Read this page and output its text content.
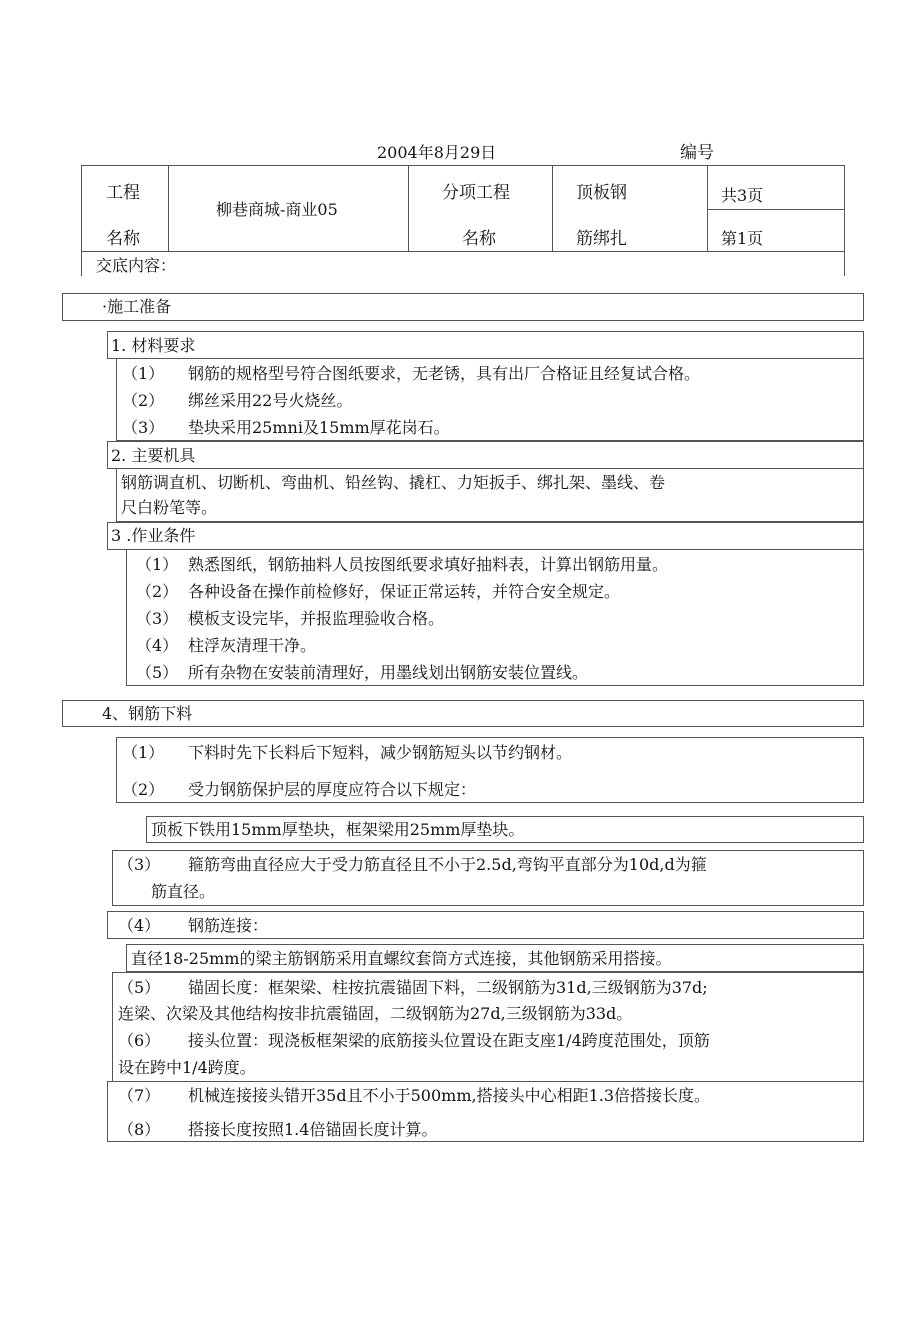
2004年8月29日	编号
工程
名称
柳巷商城-商业05
分项工程
名称
顶板钢
筋绑扎
共3页
第1页
交底内容：
·施工准备
1. 材料要求
（1） 钢筋的规格型号符合图纸要求，无老锈，具有出厂合格证且经复试合格。
（2） 绑丝采用22号火烧丝。
（3） 垫块采用25mni及15mm厚花岗石。
2. 主要机具
钢筋调直机、切断机、弯曲机、铅丝钩、撬杠、力矩扳手、绑扎架、墨线、卷
尺白粉笔等。
3 .作业条件
（1） 熟悉图纸，钢筋抽料人员按图纸要求填好抽料表，计算出钢筋用量。
（2） 各种设备在操作前检修好，保证正常运转，并符合安全规定。
（3） 模板支设完毕，并报监理验收合格。
（4） 柱浮灰清理干净。
（5） 所有杂物在安装前清理好，用墨线划出钢筋安装位置线。
4、钢筋下料
（1） 下料时先下长料后下短料，减少钢筋短头以节约钢材。
（2） 受力钢筋保护层的厚度应符合以下规定：
顶板下铁用15mm厚垫块，框架梁用25mm厚垫块。
（3） 箍筋弯曲直径应大于受力筋直径且不小于2.5d,弯钩平直部分为10d,d为箍
筋直径。
（4） 钢筋连接：
直径18-25mm的梁主筋钢筋采用直螺纹套筒方式连接，其他钢筋采用搭接。
（5） 锚固长度：框架梁、柱按抗震锚固下料，二级钢筋为31d,三级钢筋为37d;
连梁、次梁及其他结构按非抗震锚固，二级钢筋为27d,三级钢筋为33d。
（6） 接头位置：现浇板框架梁的底筋接头位置设在距支座1/4跨度范围处，顶筋
设在跨中1/4跨度。
（7） 机械连接接头错开35d且不小于500mm,搭接头中心相距1.3倍搭接长度。
（8） 搭接长度按照1.4倍锚固长度计算。
